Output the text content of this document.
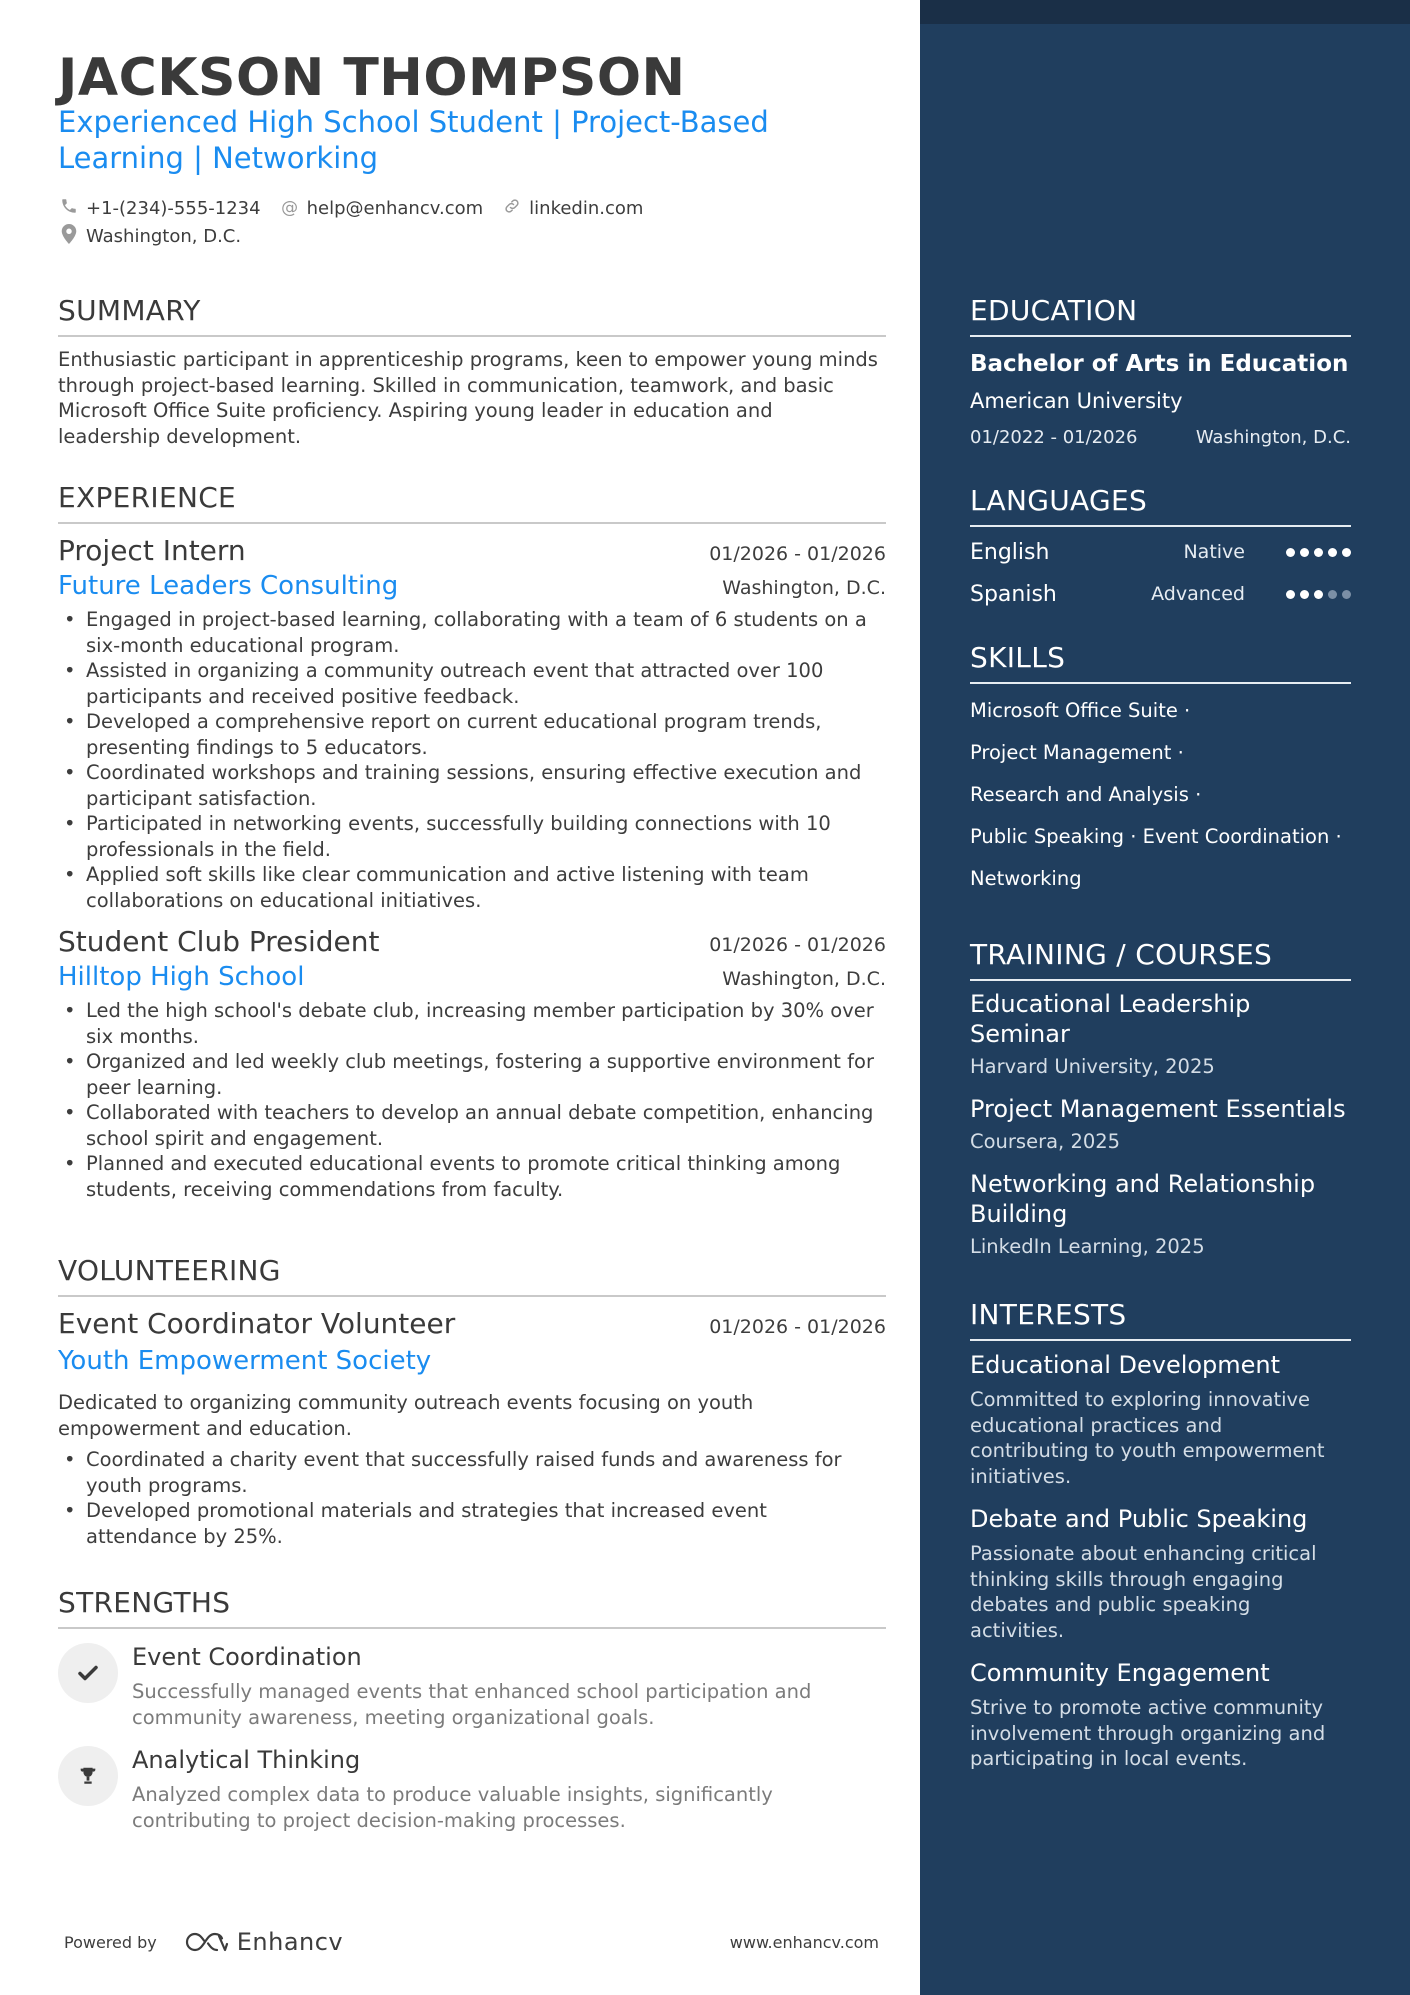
JACKSON THOMPSON
Experienced High School Student | Project-Based
Learning | Networking
+1-(234)-555-1234 @ help@enhancv.com	linkedin.com
Washington, D.C.
SUMMARY
Enthusiastic participant in apprenticeship programs, keen to empower young minds
through project-based learning. Skilled in communication, teamwork, and basic
Microsoft Office Suite proficiency. Aspiring young leader in education and
leadership development.
EXPERIENCE
Project Intern	01/2026 - 01/2026
Future Leaders Consulting	Washington, D.C.
• Engaged in project-based learning, collaborating with a team of 6 students on a
six-month educational program.
• Assisted in organizing a community outreach event that attracted over 100
participants and received positive feedback.
• Developed a comprehensive report on current educational program trends,
presenting findings to 5 educators.
• Coordinated workshops and training sessions, ensuring effective execution and
participant satisfaction.
• Participated in networking events, successfully building connections with 10
professionals in the field.
• Applied soft skills like clear communication and active listening with team
collaborations on educational initiatives.
Student Club President	01/2026 - 01/2026
Hilltop High School	Washington, D.C.
• Led the high school's debate club, increasing member participation by 30% over
six months.
• Organized and led weekly club meetings, fostering a supportive environment for
peer learning.
• Collaborated with teachers to develop an annual debate competition, enhancing
school spirit and engagement.
• Planned and executed educational events to promote critical thinking among
students, receiving commendations from faculty.
VOLUNTEERING
Event Coordinator Volunteer	01/2026 - 01/2026
Youth Empowerment Society
Dedicated to organizing community outreach events focusing on youth
empowerment and education.
• Coordinated a charity event that successfully raised funds and awareness for
youth programs.
• Developed promotional materials and strategies that increased event
attendance by 25%.
STRENGTHS
Event Coordination
Successfully managed events that enhanced school participation and
community awareness, meeting organizational goals.
Analytical Thinking
Analyzed complex data to produce valuable insights, significantly
contributing to project decision-making processes.
Powered by	Enhancv	www.enhancv.com
EDUCATION
Bachelor of Arts in Education
American University
01/2022 - 01/2026	Washington, D.C.
LANGUAGES
English	Native
Spanish	Advanced
SKILLS
Microsoft Office Suite ·
Project Management ·
Research and Analysis ·
Public Speaking · Event Coordination ·
Networking
TRAINING / COURSES
Educational Leadership
Seminar
Harvard University, 2025
Project Management Essentials
Coursera, 2025
Networking and Relationship
Building
LinkedIn Learning, 2025
INTERESTS
Educational Development
Committed to exploring innovative
educational practices and
contributing to youth empowerment
initiatives.
Debate and Public Speaking
Passionate about enhancing critical
thinking skills through engaging
debates and public speaking
activities.
Community Engagement
Strive to promote active community
involvement through organizing and
participating in local events.
